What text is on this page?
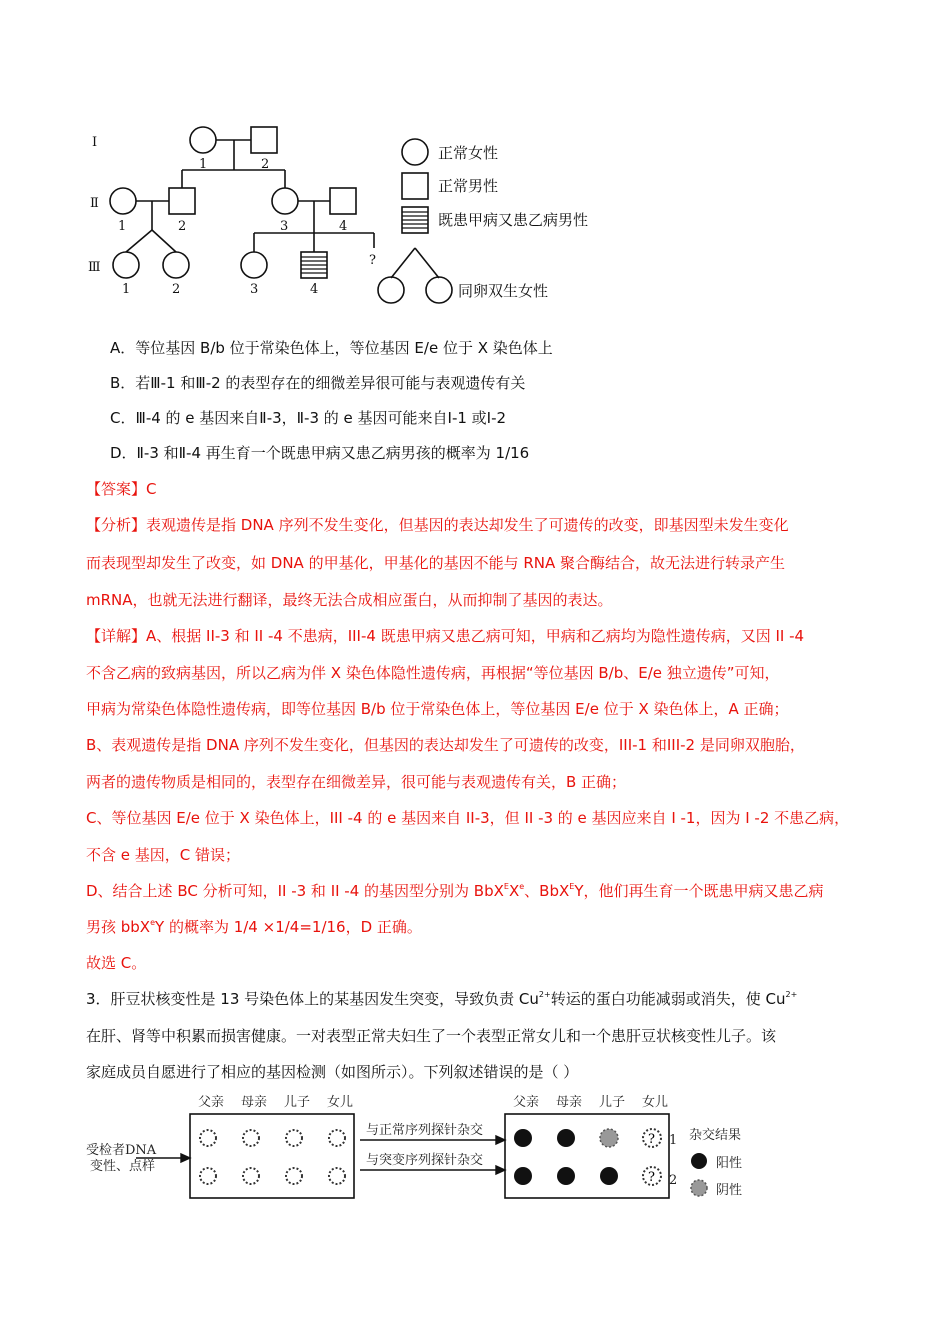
Ⅰ
Ⅱ
Ⅲ
1	2
1	2	3	4
1	2	3	4
?
正常女性
正常男性
既患甲病又患乙病男性
同卵双生女性
A．等位基因 B/b 位于常染色体上，等位基因 E/e 位于 X 染色体上
B．若Ⅲ-1 和Ⅲ-2 的表型存在的细微差异很可能与表观遗传有关
C．Ⅲ-4 的 e 基因来自Ⅱ-3，Ⅱ-3 的 e 基因可能来自Ⅰ-1 或Ⅰ-2
D．Ⅱ-3 和Ⅱ-4 再生育一个既患甲病又患乙病男孩的概率为 1/16
【答案】C
【分析】表观遗传是指 DNA 序列不发生变化，但基因的表达却发生了可遗传的改变，即基因型未发生变化
而表现型却发生了改变，如 DNA 的甲基化，甲基化的基因不能与 RNA 聚合酶结合，故无法进行转录产生
mRNA，也就无法进行翻译，最终无法合成相应蛋白，从而抑制了基因的表达。
【详解】A、根据 II-3 和 II -4 不患病，III-4 既患甲病又患乙病可知，甲病和乙病均为隐性遗传病，又因 II -4
不含乙病的致病基因，所以乙病为伴 X 染色体隐性遗传病，再根据“等位基因 B/b、E/e 独立遗传”可知，
甲病为常染色体隐性遗传病，即等位基因 B/b 位于常染色体上，等位基因 E/e 位于 X 染色体上，A 正确；
B、表观遗传是指 DNA 序列不发生变化，但基因的表达却发生了可遗传的改变，III-1 和III-2 是同卵双胞胎，
两者的遗传物质是相同的，表型存在细微差异，很可能与表观遗传有关，B 正确；
C、等位基因 E/e 位于 X 染色体上，III -4 的 e 基因来自 II-3，但 II -3 的 e 基因应来自 I -1，因为 I -2 不患乙病，
不含 e 基因，C 错误；
D、结合上述 BC 分析可知，II -3 和 II -4 的基因型分别为 BbX$^E$Xe、BbX$^E$Y，他们再生育一个既患甲病又患乙病
男孩 bbX$^e$Y 的概率为 1/4 ×1/4=1/16，D 正确。
故选 C。
3．肝豆状核变性是 13 号染色体上的某基因发生突变，导致负责 $Cu^{2+}$转运的蛋白功能减弱或消失，使 $Cu^{2+}$
在肝、肾等中积累而损害健康。一对表型正常夫妇生了一个表型正常女儿和一个患肝豆状核变性儿子。该
家庭成员自愿进行了相应的基因检测（如图所示）。下列叙述错误的是（ ）
父亲 母亲 儿子 女儿	父亲 母亲 儿子 女儿
受检者DNA
变性、点样
与正常序列探针杂交
与突变序列探针杂交
1
2
杂交结果
阳性
阴性
?
?
